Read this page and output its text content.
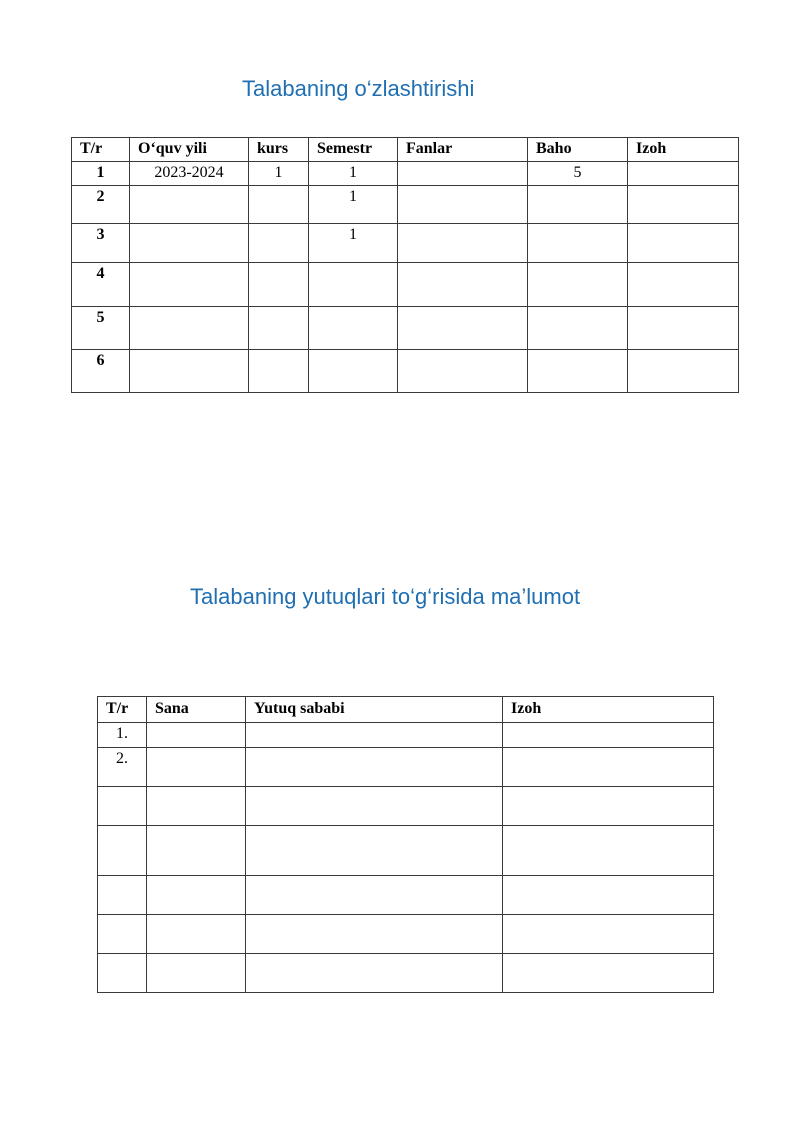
Talabaning o‘zlashtirishi
T/r	O‘quv yili	kurs	Semestr	Fanlar	Baho	Izoh
1	2023-2024	1	1		5	
2			1			
3			1			
4						
5						
6						
Talabaning yutuqlari to‘g‘risida ma’lumot
T/r	Sana	Yutuq sababi	Izoh
1.			
2.			
